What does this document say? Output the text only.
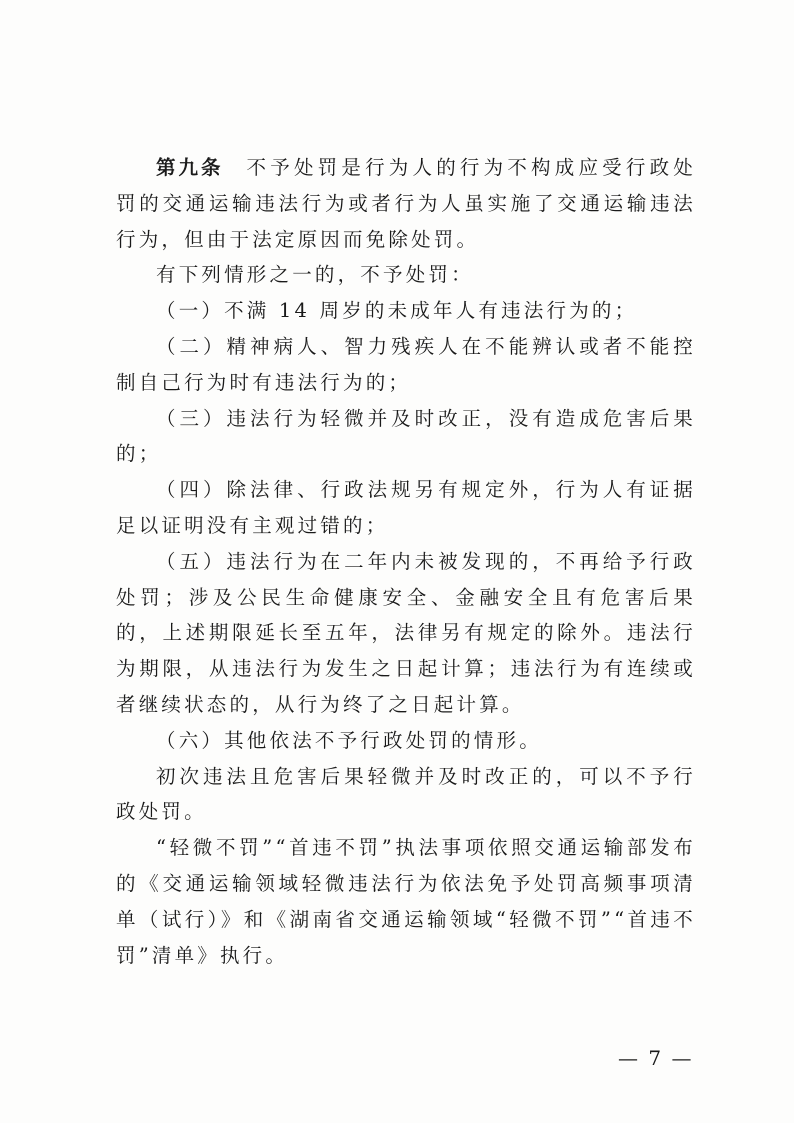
第九条 不予处罚是行为人的行为不构成应受行政处罚的交通运输违法行为或者行为人虽实施了交通运输违法行为，但由于法定原因而免除处罚。

有下列情形之一的，不予处罚：

（一）不满 14 周岁的未成年人有违法行为的；

（二）精神病人、智力残疾人在不能辨认或者不能控制自己行为时有违法行为的；

（三）违法行为轻微并及时改正，没有造成危害后果的；

（四）除法律、行政法规另有规定外，行为人有证据足以证明没有主观过错的；

（五）违法行为在二年内未被发现的，不再给予行政处罚；涉及公民生命健康安全、金融安全且有危害后果的，上述期限延长至五年，法律另有规定的除外。违法行为期限，从违法行为发生之日起计算；违法行为有连续或者继续状态的，从行为终了之日起计算。

（六）其他依法不予行政处罚的情形。

初次违法且危害后果轻微并及时改正的，可以不予行政处罚。

“轻微不罚”“首违不罚”执法事项依照交通运输部发布的《交通运输领域轻微违法行为依法免予处罚高频事项清单（试行）》和《湖南省交通运输领域“轻微不罚”“首违不罚”清单》执行。

— 7 —
